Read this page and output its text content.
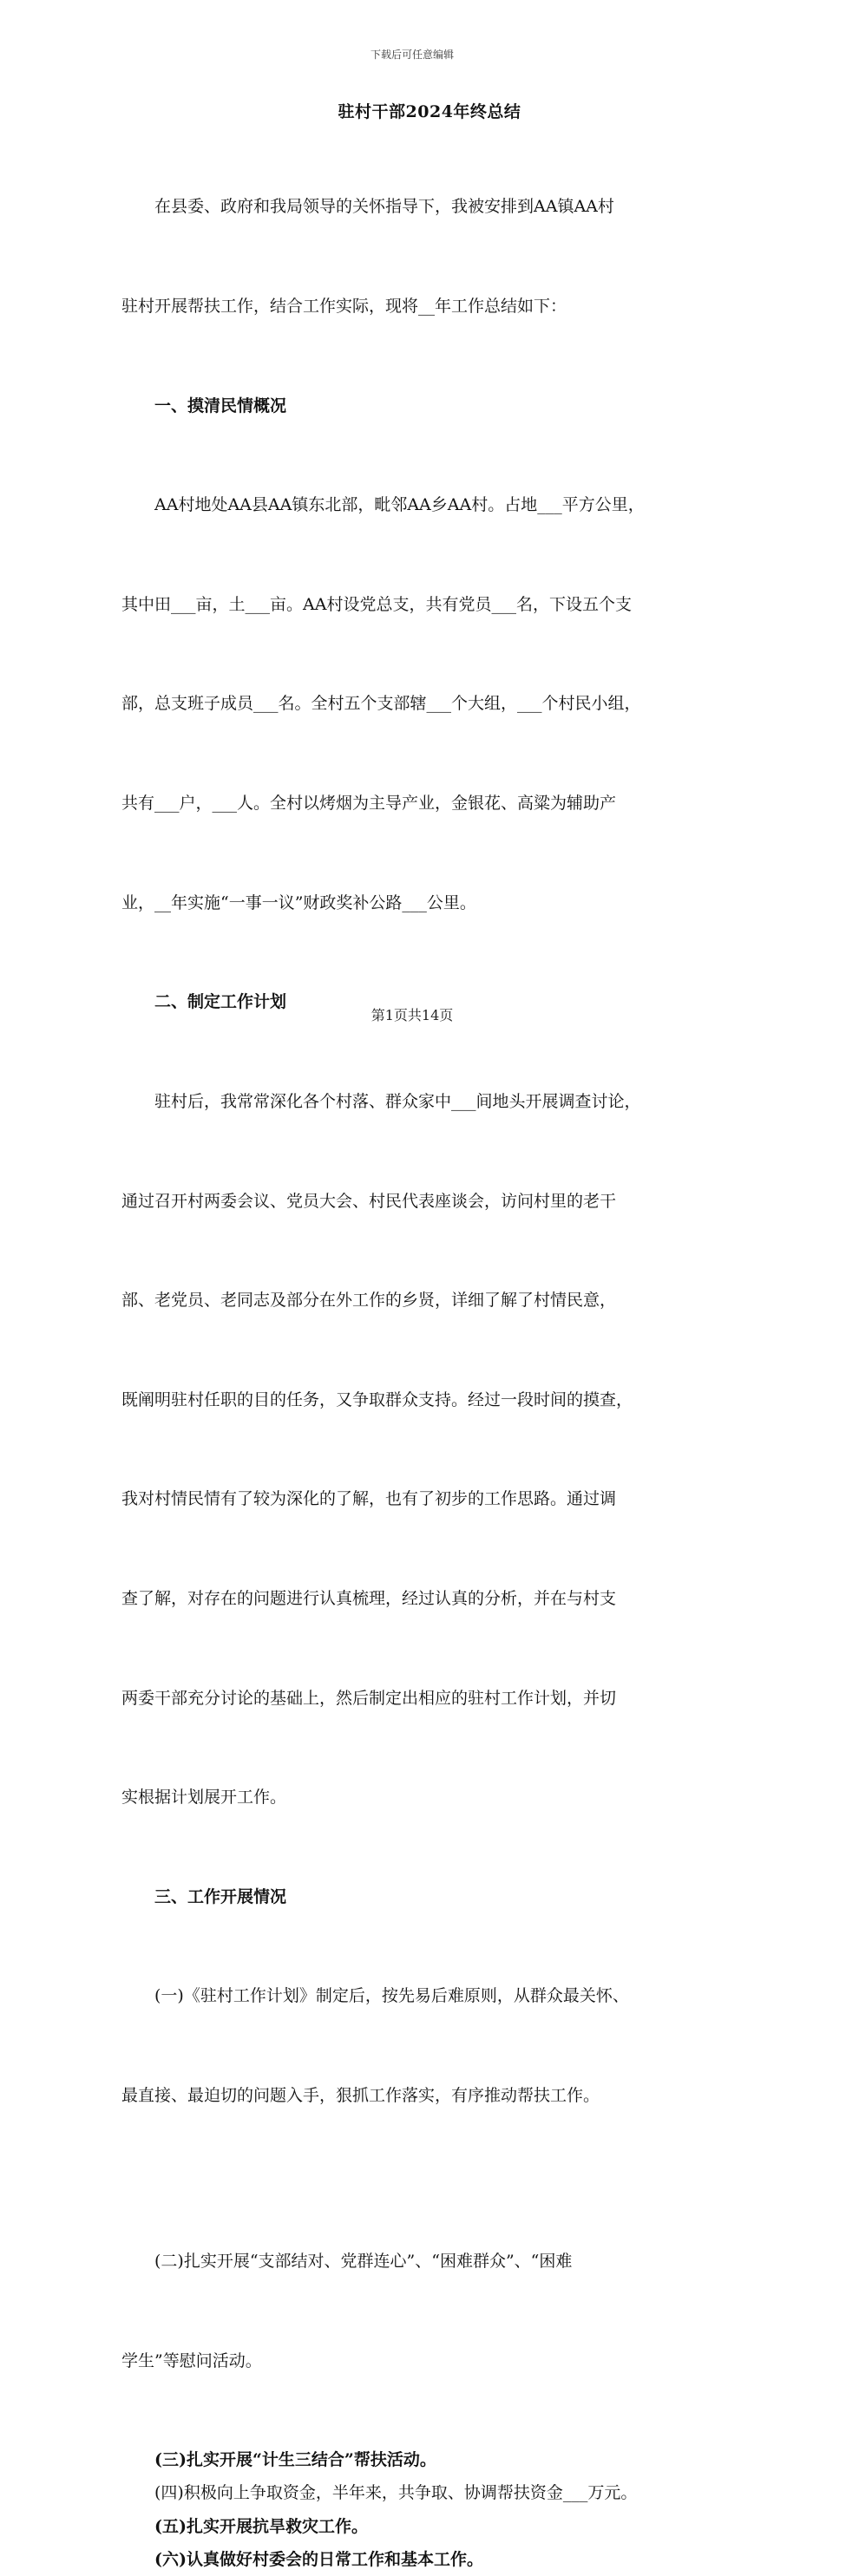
下载后可任意编辑
驻村干部2024年终总结

在县委、政府和我局领导的关怀指导下，我被安排到AA镇AA村

驻村开展帮扶工作，结合工作实际，现将__年工作总结如下：

一、摸清民情概况

AA村地处AA县AA镇东北部，毗邻AA乡AA村。占地___平方公里，

其中田___亩，土___亩。AA村设党总支，共有党员___名，下设五个支

部，总支班子成员___名。全村五个支部辖___个大组，___个村民小组，

共有___户，___人。全村以烤烟为主导产业，金银花、高粱为辅助产

业，__年实施“一事一议”财政奖补公路___公里。

二、制定工作计划

驻村后，我常常深化各个村落、群众家中___间地头开展调查讨论，

通过召开村两委会议、党员大会、村民代表座谈会，访问村里的老干

部、老党员、老同志及部分在外工作的乡贤，详细了解了村情民意，

既阐明驻村任职的目的任务，又争取群众支持。经过一段时间的摸查，

我对村情民情有了较为深化的了解，也有了初步的工作思路。通过调

查了解，对存在的问题进行认真梳理，经过认真的分析，并在与村支

两委干部充分讨论的基础上，然后制定出相应的驻村工作计划，并切

实根据计划展开工作。

三、工作开展情况

(一)《驻村工作计划》制定后，按先易后难原则，从群众最关怀、

最直接、最迫切的问题入手，狠抓工作落实，有序推动帮扶工作。

(二)扎实开展“支部结对、党群连心”、“困难群众”、“困难

学生”等慰问活动。

(三)扎实开展“计生三结合”帮扶活动。

(四)积极向上争取资金，半年来，共争取、协调帮扶资金___万元。

(五)扎实开展抗旱救灾工作。

(六)认真做好村委会的日常工作和基本工作。

第1页共14页
